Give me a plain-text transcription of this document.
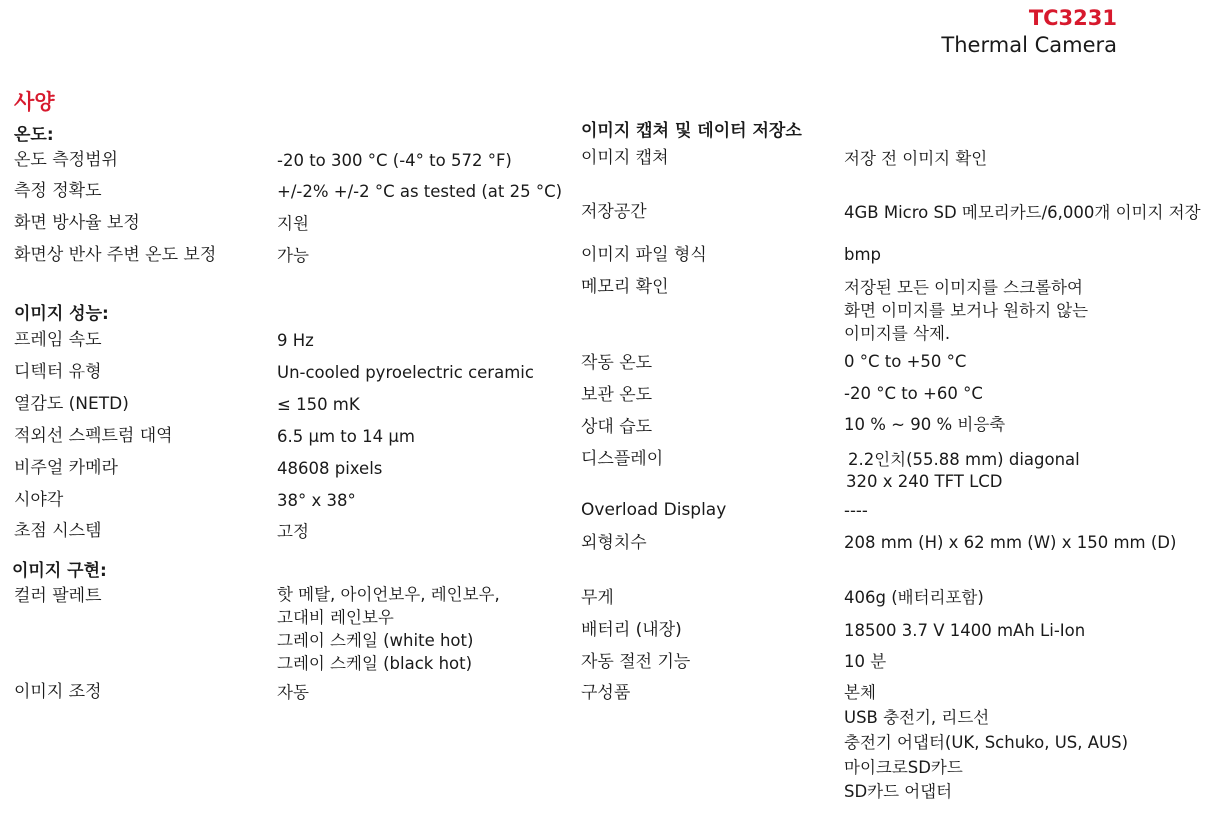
TC3231
Thermal Camera
사양
온도:
온도 측정범위	-20 to 300 °C (-4° to 572 °F)
측정 정확도	+/-2% +/-2 °C as tested (at 25 °C)
화면 방사율 보정	지원
화면상 반사 주변 온도 보정	가능
이미지 성능:
프레임 속도	9 Hz
디텍터 유형	Un-cooled pyroelectric ceramic
열감도 (NETD)	≤ 150 mK
적외선 스펙트럼 대역	6.5 µm to 14 µm
비주얼 카메라	48608 pixels
시야각	38° x 38°
초점 시스템	고정
이미지 구현:
컬러 팔레트	핫 메탈, 아이언보우, 레인보우,
고대비 레인보우
그레이 스케일 (white hot)
그레이 스케일 (black hot)
이미지 조정	자동
이미지 캡쳐 및 데이터 저장소
이미지 캡쳐	저장 전 이미지 확인
저장공간	4GB Micro SD 메모리카드/6,000개 이미지 저장
이미지 파일 형식	bmp
메모리 확인	저장된 모든 이미지를 스크롤하여
화면 이미지를 보거나 원하지 않는
이미지를 삭제.
작동 온도	0 °C to +50 °C
보관 온도	-20 °C to +60 °C
상대 습도	10 % ~ 90 % 비응축
디스플레이	2.2인치(55.88 mm) diagonal
320 x 240 TFT LCD
Overload Display	----
외형치수	208 mm (H) x 62 mm (W) x 150 mm (D)
무게	406g (배터리포함)
배터리 (내장)	18500 3.7 V 1400 mAh Li-Ion
자동 절전 기능	10 분
구성품	본체
USB 충전기, 리드선
충전기 어댑터(UK, Schuko, US, AUS)
마이크로SD카드
SD카드 어댑터
